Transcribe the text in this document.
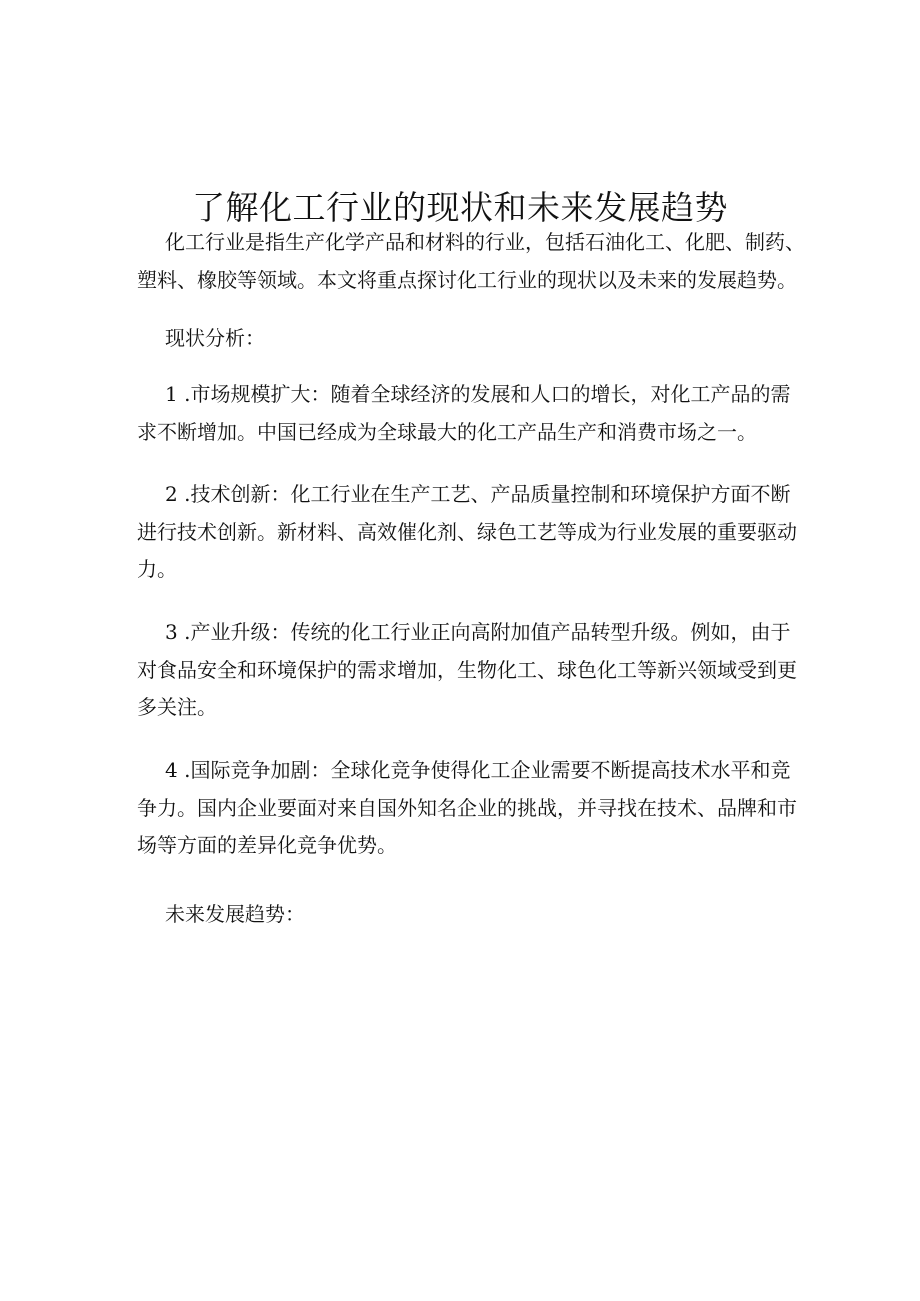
了解化工行业的现状和未来发展趋势

化工行业是指生产化学产品和材料的行业，包括石油化工、化肥、制药、塑料、橡胶等领域。本文将重点探讨化工行业的现状以及未来的发展趋势。

现状分析：

1 .市场规模扩大：随着全球经济的发展和人口的增长，对化工产品的需求不断增加。中国已经成为全球最大的化工产品生产和消费市场之一。

2 .技术创新：化工行业在生产工艺、产品质量控制和环境保护方面不断进行技术创新。新材料、高效催化剂、绿色工艺等成为行业发展的重要驱动力。

3 .产业升级：传统的化工行业正向高附加值产品转型升级。例如，由于对食品安全和环境保护的需求增加，生物化工、球色化工等新兴领域受到更多关注。

4 .国际竞争加剧：全球化竞争使得化工企业需要不断提高技术水平和竞争力。国内企业要面对来自国外知名企业的挑战，并寻找在技术、品牌和市场等方面的差异化竞争优势。

未来发展趋势：
